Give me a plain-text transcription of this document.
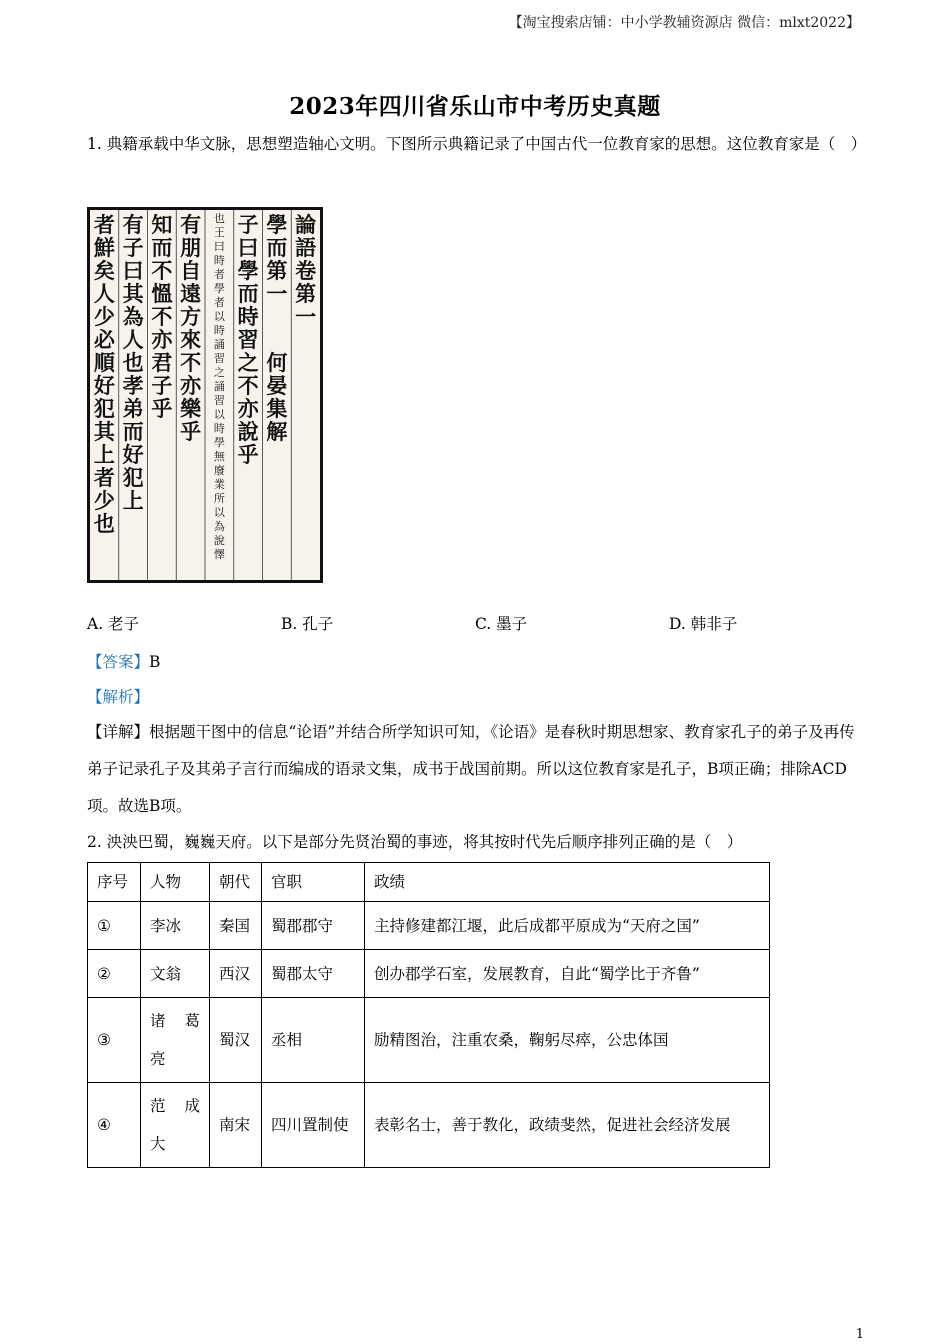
【淘宝搜索店铺：中小学教辅资源店 微信：mlxt2022】
2023年四川省乐山市中考历史真题

1. 典籍承载中华文脉，思想塑造轴心文明。下图所示典籍记录了中国古代一位教育家的思想。这位教育家是（　）

論
語
卷
第
一
學
而
第
一

何
晏
集
解
子
曰
學
而
時
習
之
不
亦
說
乎
也
王
曰
時
者
學
者
以
時
誦
習
之
誦
習
以
時
學
無
廢
業
所
以
為
說
懌
有
朋
自
遠
方
來
不
亦
樂
乎
知
而
不
慍
不
亦
君
子
乎
有
子
曰
其
為
人
也
孝
弟
而
好
犯
上
者
鮮
矣
人
少
必
順
好
犯
其
上
者
少
也
A. 老子	B. 孔子	C. 墨子	D. 韩非子

【答案】B

【解析】

【详解】根据题干图中的信息“论语”并结合所学知识可知，《论语》是春秋时期思想家、教育家孔子的弟子及再传弟子记录孔子及其弟子言行而编成的语录文集，成书于战国前期。所以这位教育家是孔子，B项正确；排除ACD项。故选B项。

2. 泱泱巴蜀，巍巍天府。以下是部分先贤治蜀的事迹，将其按时代先后顺序排列正确的是（　）

序号	人物	朝代	官职	政绩
①	李冰	秦国	蜀郡郡守	主持修建都江堰，此后成都平原成为“天府之国”
②	文翁	西汉	蜀郡太守	创办郡学石室，发展教育，自此“蜀学比于齐鲁”
③	诸 葛
亮	蜀汉	丞相	励精图治，注重农桑，鞠躬尽瘁，公忠体国
④	范 成
大	南宋	四川置制使	表彰名士，善于教化，政绩斐然，促进社会经济发展
1
